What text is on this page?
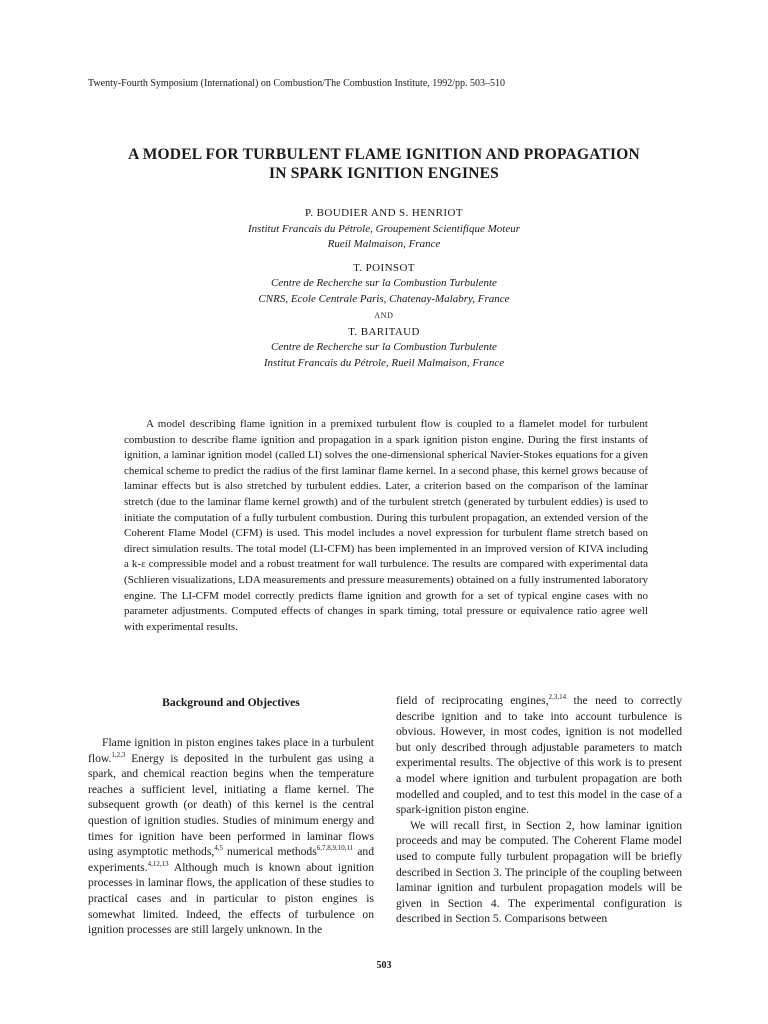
Twenty-Fourth Symposium (International) on Combustion/The Combustion Institute, 1992/pp. 503–510
A MODEL FOR TURBULENT FLAME IGNITION AND PROPAGATION
IN SPARK IGNITION ENGINES
P. BOUDIER AND S. HENRIOT
Institut Francais du Pétrole, Groupement Scientifique Moteur
Rueil Malmaison, France
T. POINSOT
Centre de Recherche sur la Combustion Turbulente
CNRS, Ecole Centrale Paris, Chatenay-Malabry, France
AND
T. BARITAUD
Centre de Recherche sur la Combustion Turbulente
Institut Francais du Pétrole, Rueil Malmaison, France
A model describing flame ignition in a premixed turbulent flow is coupled to a flamelet model for turbulent combustion to describe flame ignition and propagation in a spark ignition piston engine. During the first instants of ignition, a laminar ignition model (called LI) solves the one-dimensional spherical Navier-Stokes equations for a given chemical scheme to predict the radius of the first laminar flame kernel. In a second phase, this kernel grows because of laminar effects but is also stretched by turbulent eddies. Later, a criterion based on the comparison of the laminar stretch (due to the laminar flame kernel growth) and of the turbulent stretch (generated by turbulent eddies) is used to initiate the computation of a fully turbulent combustion. During this turbulent propagation, an extended version of the Coherent Flame Model (CFM) is used. This model includes a novel expression for turbulent flame stretch based on direct simulation results. The total model (LI-CFM) has been implemented in an improved version of KIVA including a k-ε compressible model and a robust treatment for wall turbulence. The results are compared with experimental data (Schlieren visualizations, LDA measurements and pressure measurements) obtained on a fully instrumented laboratory engine. The LI-CFM model correctly predicts flame ignition and growth for a set of typical engine cases with no parameter adjustments. Computed effects of changes in spark timing, total pressure or equivalence ratio agree well with experimental results.
Background and Objectives

Flame ignition in piston engines takes place in a turbulent flow.$^{1,2,3}$ Energy is deposited in the turbulent gas using a spark, and chemical reaction begins when the temperature reaches a sufficient level, initiating a flame kernel. The subsequent growth (or death) of this kernel is the central question of ignition studies. Studies of minimum energy and times for ignition have been performed in laminar flows using asymptotic methods,$^{4,5}$ numerical methods$^{6,7,8,9,10,11}$ and experiments.$^{4,12,13}$ Although much is known about ignition processes in laminar flows, the application of these studies to practical cases and in particular to piston engines is somewhat limited. Indeed, the effects of turbulence on ignition processes are still largely unknown. In the

field of reciprocating engines,$^{2,3,14}$ the need to correctly describe ignition and to take into account turbulence is obvious. However, in most codes, ignition is not modelled but only described through adjustable parameters to match experimental results. The objective of this work is to present a model where ignition and turbulent propagation are both modelled and coupled, and to test this model in the case of a spark-ignition piston engine.

We will recall first, in Section 2, how laminar ignition proceeds and may be computed. The Coherent Flame model used to compute fully turbulent propagation will be briefly described in Section 3. The principle of the coupling between laminar ignition and turbulent propagation models will be given in Section 4. The experimental configuration is described in Section 5. Comparisons between

503
